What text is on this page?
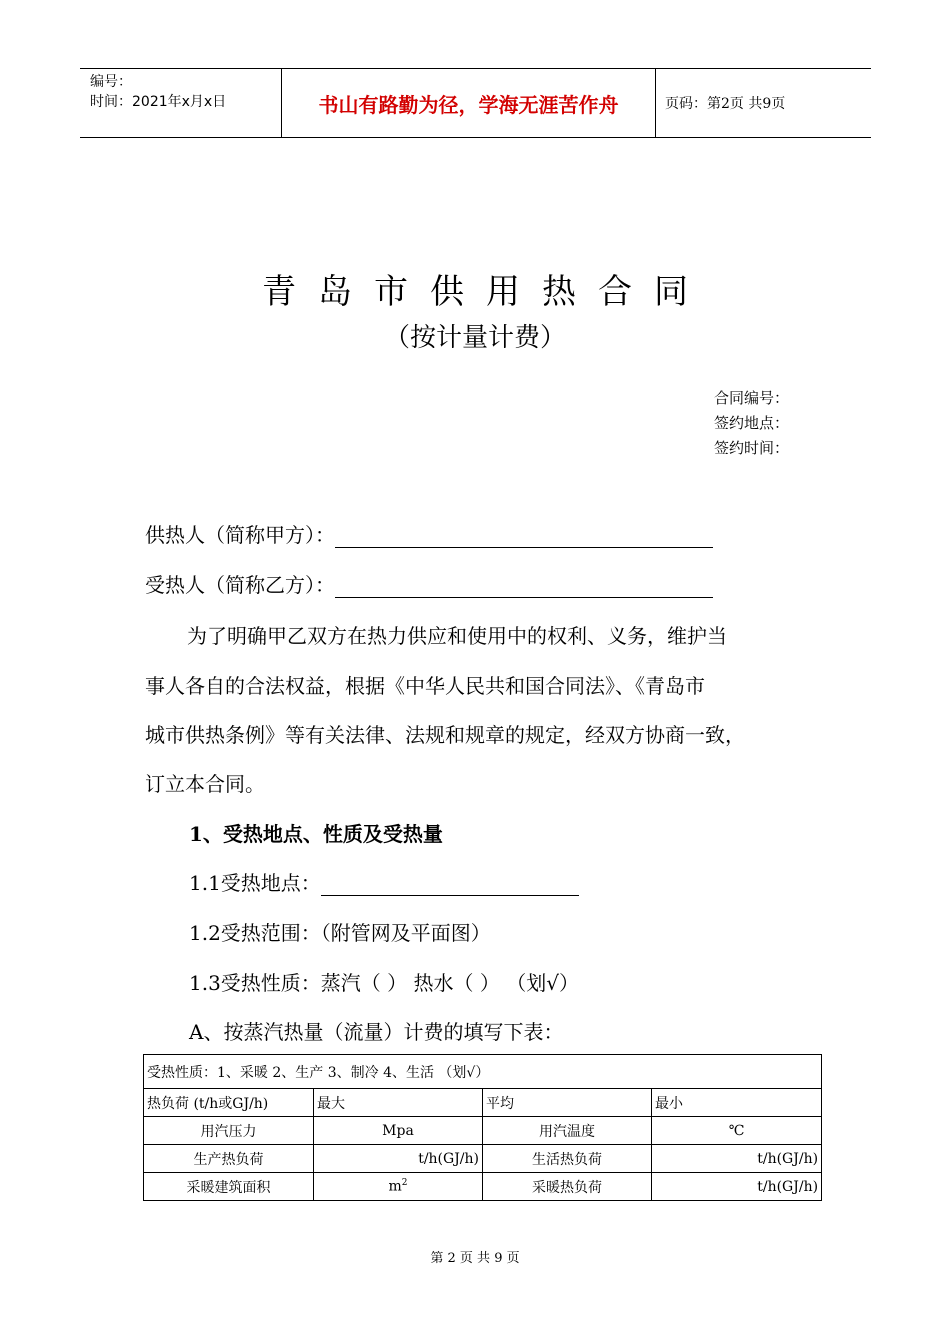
编号：
时间：2021年x月x日	书山有路勤为径，学海无涯苦作舟	页码：第2页 共9页
青岛市供用热合同
（按计量计费）
合同编号：
签约地点：
签约时间：
供热人（简称甲方）：
受热人（简称乙方）：
为了明确甲乙双方在热力供应和使用中的权利、义务，维护当
事人各自的合法权益，根据《中华人民共和国合同法》、《青岛市
城市供热条例》等有关法律、法规和规章的规定，经双方协商一致，
订立本合同。
1、受热地点、性质及受热量
1.1受热地点：
1.2受热范围：（附管网及平面图）
1.3受热性质：蒸汽（ ） 热水（ ） （划√）
A、按蒸汽热量（流量）计费的填写下表：
受热性质：1、采暖 2、生产 3、制冷 4、生活 （划√）			
热负荷 (t/h或GJ/h)	最大	平均	最小
用汽压力	Mpa	用汽温度	℃
生产热负荷	t/h(GJ/h)	生活热负荷	t/h(GJ/h)
采暖建筑面积	$m^2$	采暖热负荷	t/h(GJ/h)
第 2 页 共 9 页
